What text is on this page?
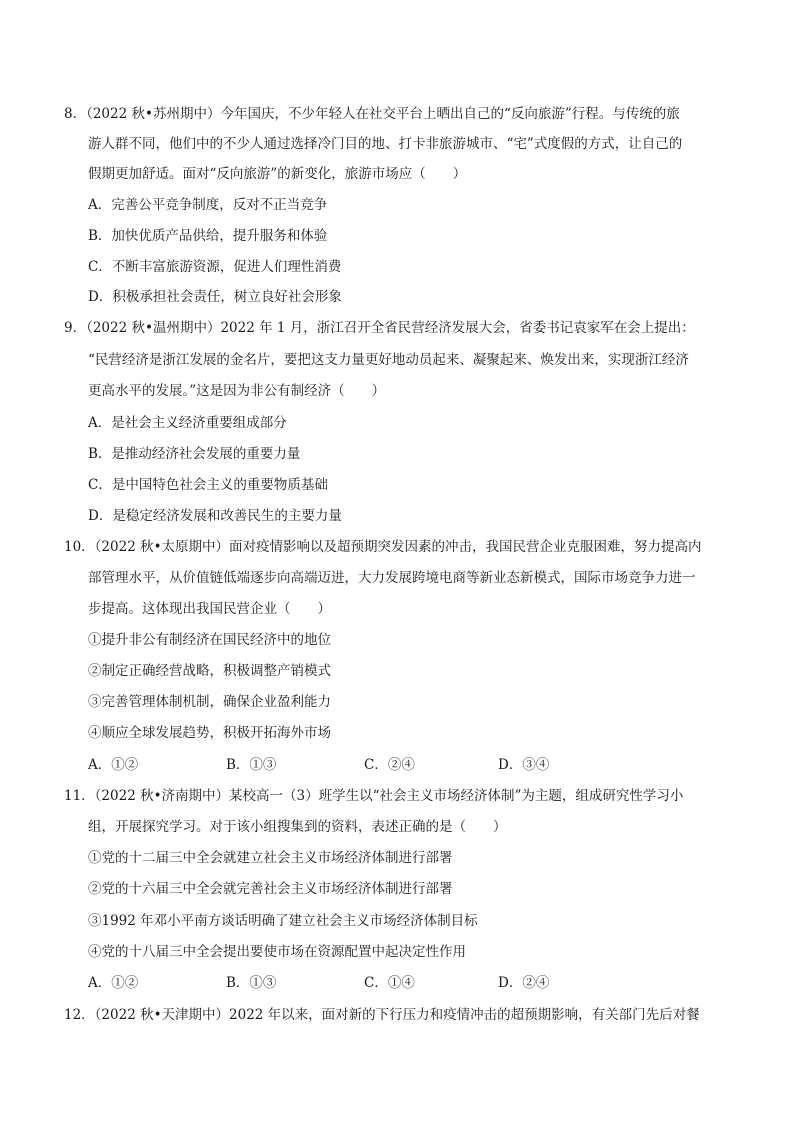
8．（2022 秋•苏州期中）今年国庆，不少年轻人在社交平台上晒出自己的“反向旅游”行程。与传统的旅
游人群不同，他们中的不少人通过选择冷门目的地、打卡非旅游城市、“宅”式度假的方式，让自己的
假期更加舒适。面对“反向旅游”的新变化，旅游市场应（　　）
A．完善公平竞争制度，反对不正当竞争
B．加快优质产品供给，提升服务和体验
C．不断丰富旅游资源，促进人们理性消费
D．积极承担社会责任，树立良好社会形象
9．（2022 秋•温州期中）2022 年 1 月，浙江召开全省民营经济发展大会，省委书记袁家军在会上提出：
“民营经济是浙江发展的金名片，要把这支力量更好地动员起来、凝聚起来、焕发出来，实现浙江经济
更高水平的发展。”这是因为非公有制经济（　　）
A．是社会主义经济重要组成部分
B．是推动经济社会发展的重要力量
C．是中国特色社会主义的重要物质基础
D．是稳定经济发展和改善民生的主要力量
10．（2022 秋•太原期中）面对疫情影响以及超预期突发因素的冲击，我国民营企业克服困难，努力提高内
部管理水平，从价值链低端逐步向高端迈进，大力发展跨境电商等新业态新模式，国际市场竞争力进一
步提高。这体现出我国民营企业（　　）
①提升非公有制经济在国民经济中的地位
②制定正确经营战略，积极调整产销模式
③完善管理体制机制，确保企业盈利能力
④顺应全球发展趋势，积极开拓海外市场
A．①②	B．①③	C．②④	D．③④
11．（2022 秋•济南期中）某校高一（3）班学生以“社会主义市场经济体制”为主题，组成研究性学习小
组，开展探究学习。对于该小组搜集到的资料，表述正确的是（　　）
①党的十二届三中全会就建立社会主义市场经济体制进行部署
②党的十六届三中全会就完善社会主义市场经济体制进行部署
③1992 年邓小平南方谈话明确了建立社会主义市场经济体制目标
④党的十八届三中全会提出要使市场在资源配置中起决定性作用
A．①②	B．①③	C．①④	D．②④
12．（2022 秋•天津期中）2022 年以来，面对新的下行压力和疫情冲击的超预期影响，有关部门先后对餐
